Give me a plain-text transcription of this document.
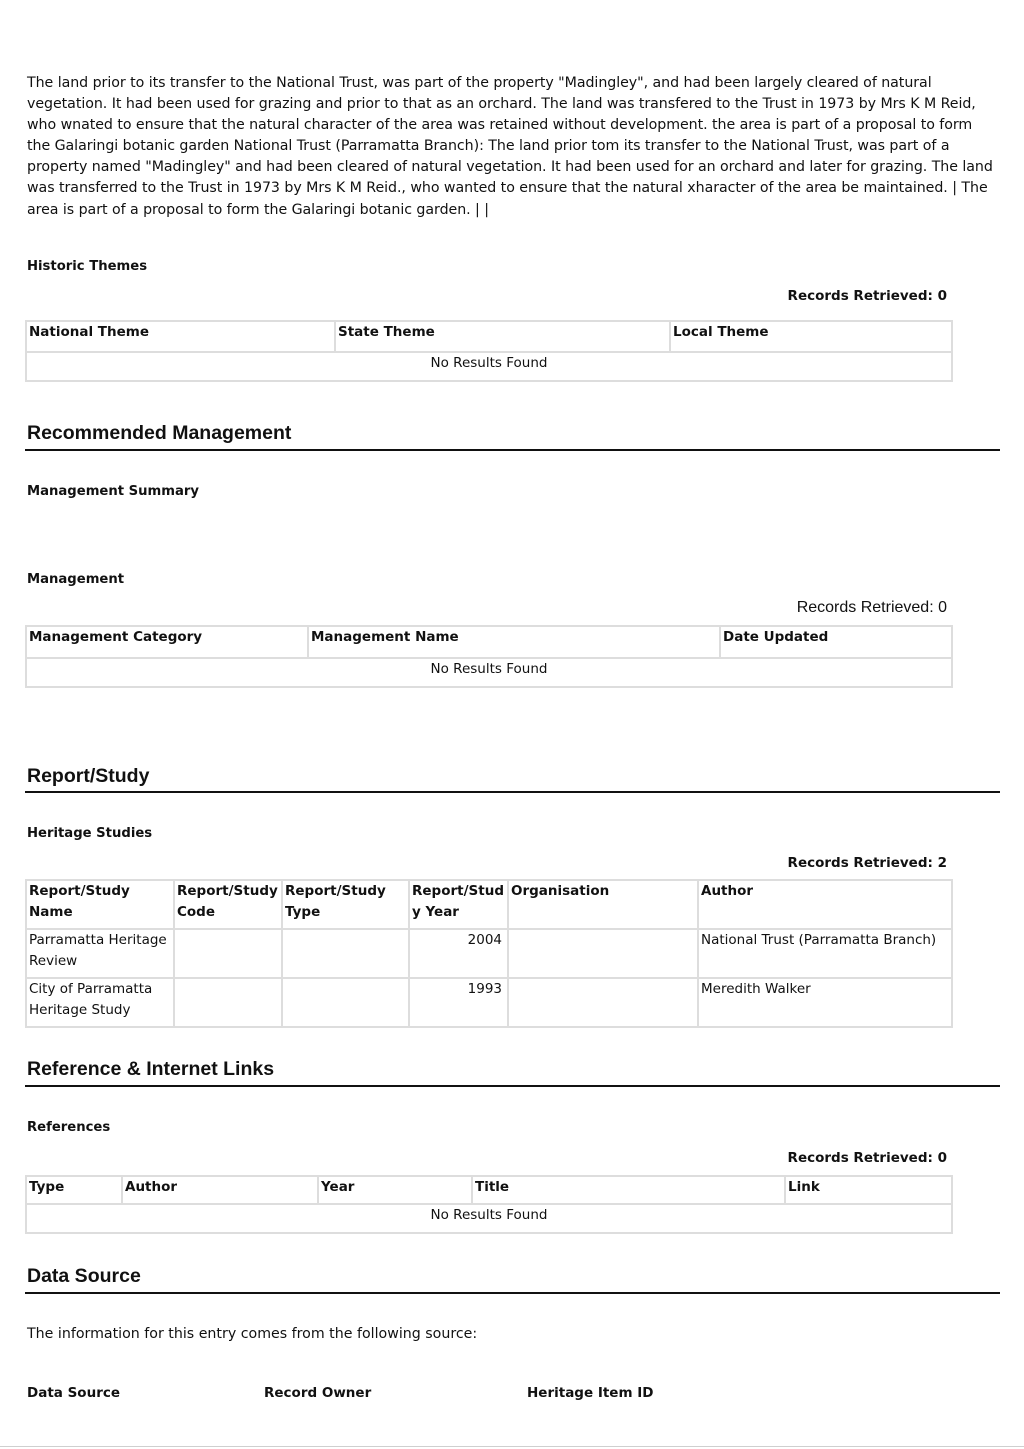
The land prior to its transfer to the National Trust, was part of the property "Madingley", and had been largely cleared of natural vegetation. It had been used for grazing and prior to that as an orchard. The land was transfered to the Trust in 1973 by Mrs K M Reid, who wnated to ensure that the natural character of the area was retained without development. the area is part of a proposal to form the Galaringi botanic garden National Trust (Parramatta Branch): The land prior tom its transfer to the National Trust, was part of a property named "Madingley" and had been cleared of natural vegetation. It had been used for an orchard and later for grazing. The land was transferred to the Trust in 1973 by Mrs K M Reid., who wanted to ensure that the natural xharacter of the area be maintained. | The area is part of a proposal to form the Galaringi botanic garden. | |
Historic Themes
Records Retrieved: 0
National Theme	State Theme	Local Theme
No Results Found
Recommended Management
Management Summary
Management
Records Retrieved: 0
Management Category	Management Name	Date Updated
No Results Found
Report/Study
Heritage Studies
Records Retrieved: 2
Report/Study Name	Report/Study Code	Report/Study Type	Report/Stud y Year	Organisation	Author
Parramatta Heritage Review			2004		National Trust (Parramatta Branch)
City of Parramatta Heritage Study			1993		Meredith Walker
Reference & Internet Links
References
Records Retrieved: 0
Type	Author	Year	Title	Link
No Results Found
Data Source
The information for this entry comes from the following source:
Data Source	Record Owner	Heritage Item ID
